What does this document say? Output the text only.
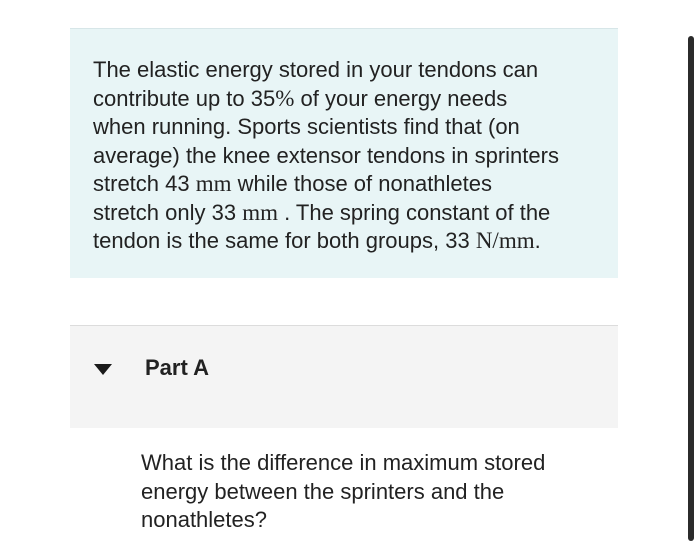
The elastic energy stored in your tendons can
contribute up to 35% of your energy needs
when running. Sports scientists find that (on
average) the knee extensor tendons in sprinters
stretch 43 mm while those of nonathletes
stretch only 33 mm . The spring constant of the
tendon is the same for both groups, 33 N/mm.

Part A

What is the difference in maximum stored energy between the sprinters and the nonathletes?
